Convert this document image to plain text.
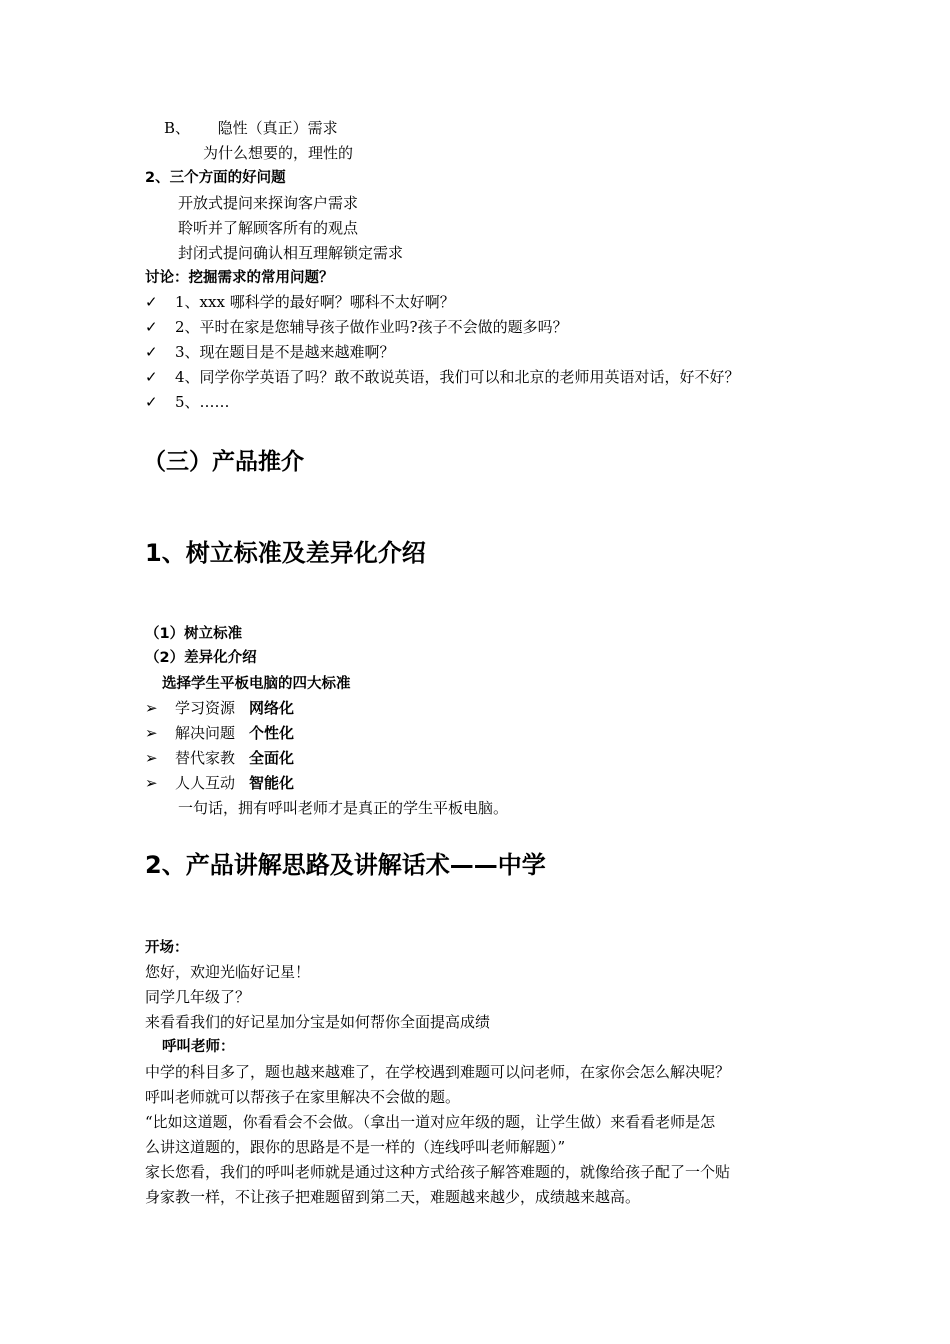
B、 隐性（真正）需求
为什么想要的，理性的
2、三个方面的好问题
开放式提问来探询客户需求
聆听并了解顾客所有的观点
封闭式提问确认相互理解锁定需求
讨论：挖掘需求的常用问题？
✓ 1、xxx 哪科学的最好啊？哪科不太好啊？
✓ 2、平时在家是您辅导孩子做作业吗?孩子不会做的题多吗？
✓ 3、现在题目是不是越来越难啊？
✓ 4、同学你学英语了吗？敢不敢说英语，我们可以和北京的老师用英语对话，好不好？
✓ 5、……
（三）产品推介
1、树立标准及差异化介绍
（1）树立标准
（2）差异化介绍
选择学生平板电脑的四大标准
➢ 学习资源 网络化
➢ 解决问题 个性化
➢ 替代家教 全面化
➢ 人人互动 智能化
一句话，拥有呼叫老师才是真正的学生平板电脑。
2、产品讲解思路及讲解话术——中学
开场：
您好，欢迎光临好记星！
同学几年级了？
来看看我们的好记星加分宝是如何帮你全面提高成绩
呼叫老师：
中学的科目多了，题也越来越难了，在学校遇到难题可以问老师，在家你会怎么解决呢？
呼叫老师就可以帮孩子在家里解决不会做的题。
“比如这道题，你看看会不会做。（拿出一道对应年级的题，让学生做）来看看老师是怎
么讲这道题的，跟你的思路是不是一样的（连线呼叫老师解题）”
家长您看，我们的呼叫老师就是通过这种方式给孩子解答难题的，就像给孩子配了一个贴
身家教一样，不让孩子把难题留到第二天，难题越来越少，成绩越来越高。
